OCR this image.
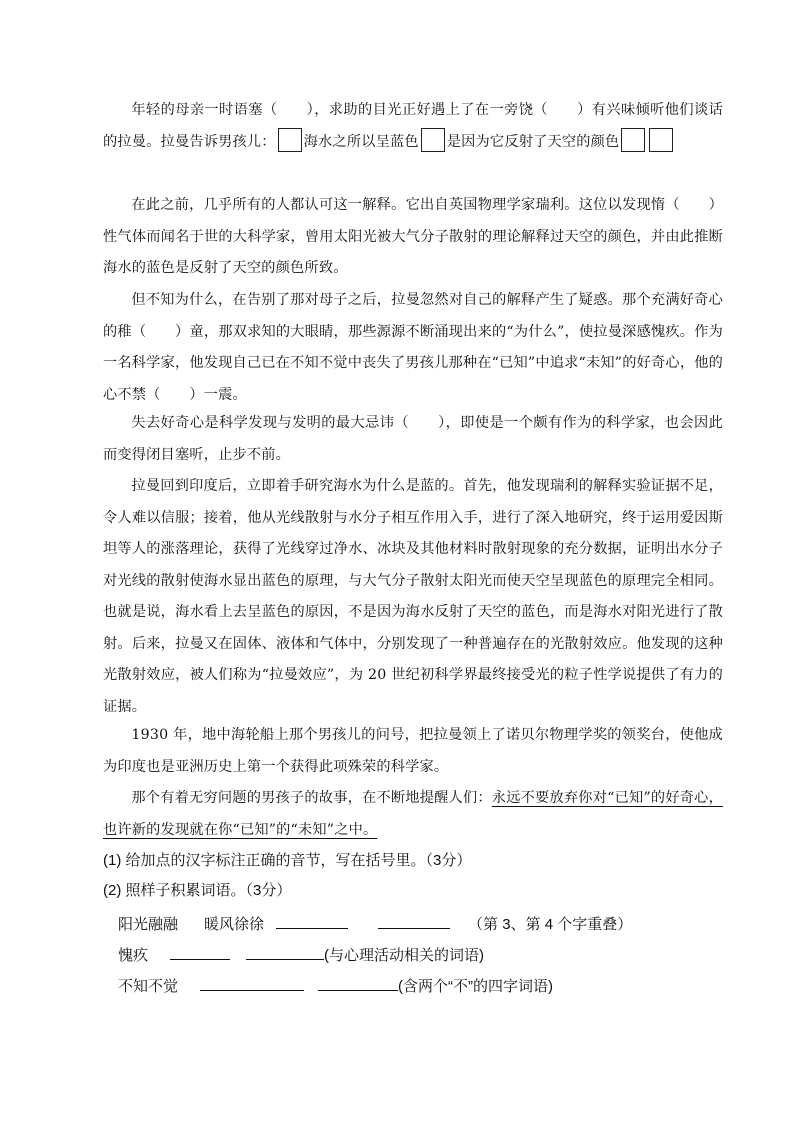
年轻的母亲一时语塞（　　），求助的目光正好遇上了在一旁饶（　　）有兴味倾听他们谈话的拉曼。拉曼告诉男孩儿： 海水之所以呈蓝色 是因为它反射了天空的颜色

在此之前，几乎所有的人都认可这一解释。它出自英国物理学家瑞利。这位以发现惰（　　）性气体而闻名于世的大科学家，曾用太阳光被大气分子散射的理论解释过天空的颜色，并由此推断海水的蓝色是反射了天空的颜色所致。

但不知为什么，在告别了那对母子之后，拉曼忽然对自己的解释产生了疑惑。那个充满好奇心的稚（　　）童，那双求知的大眼睛，那些源源不断涌现出来的“为什么”，使拉曼深感愧疚。作为一名科学家，他发现自己已在不知不觉中丧失了男孩儿那种在“已知”中追求“未知”的好奇心，他的心不禁（　　）一震。

失去好奇心是科学发现与发明的最大忌讳（　　），即使是一个颇有作为的科学家，也会因此而变得闭目塞听，止步不前。

拉曼回到印度后，立即着手研究海水为什么是蓝的。首先，他发现瑞利的解释实验证据不足，令人难以信服；接着，他从光线散射与水分子相互作用入手，进行了深入地研究，终于运用爱因斯坦等人的涨落理论，获得了光线穿过净水、冰块及其他材料时散射现象的充分数据，证明出水分子对光线的散射使海水显出蓝色的原理，与大气分子散射太阳光而使天空呈现蓝色的原理完全相同。也就是说，海水看上去呈蓝色的原因，不是因为海水反射了天空的蓝色，而是海水对阳光进行了散射。后来，拉曼又在固体、液体和气体中，分别发现了一种普遍存在的光散射效应。他发现的这种光散射效应，被人们称为“拉曼效应”，为 20 世纪初科学界最终接受光的粒子性学说提供了有力的证据。

1930 年，地中海轮船上那个男孩儿的问号，把拉曼领上了诺贝尔物理学奖的领奖台，使他成为印度也是亚洲历史上第一个获得此项殊荣的科学家。

那个有着无穷问题的男孩子的故事，在不断地提醒人们：永远不要放弃你对“已知”的好奇心，也许新的发现就在你“已知”的“未知”之中。

(1) 给加点的汉字标注正确的音节，写在括号里。（3分）
(2) 照样子积累词语。（3分）
阳光融融 暖风徐徐	（第 3、第 4 个字重叠）
愧疚	(与心理活动相关的词语)
不知不觉	(含两个“不”的四字词语)
